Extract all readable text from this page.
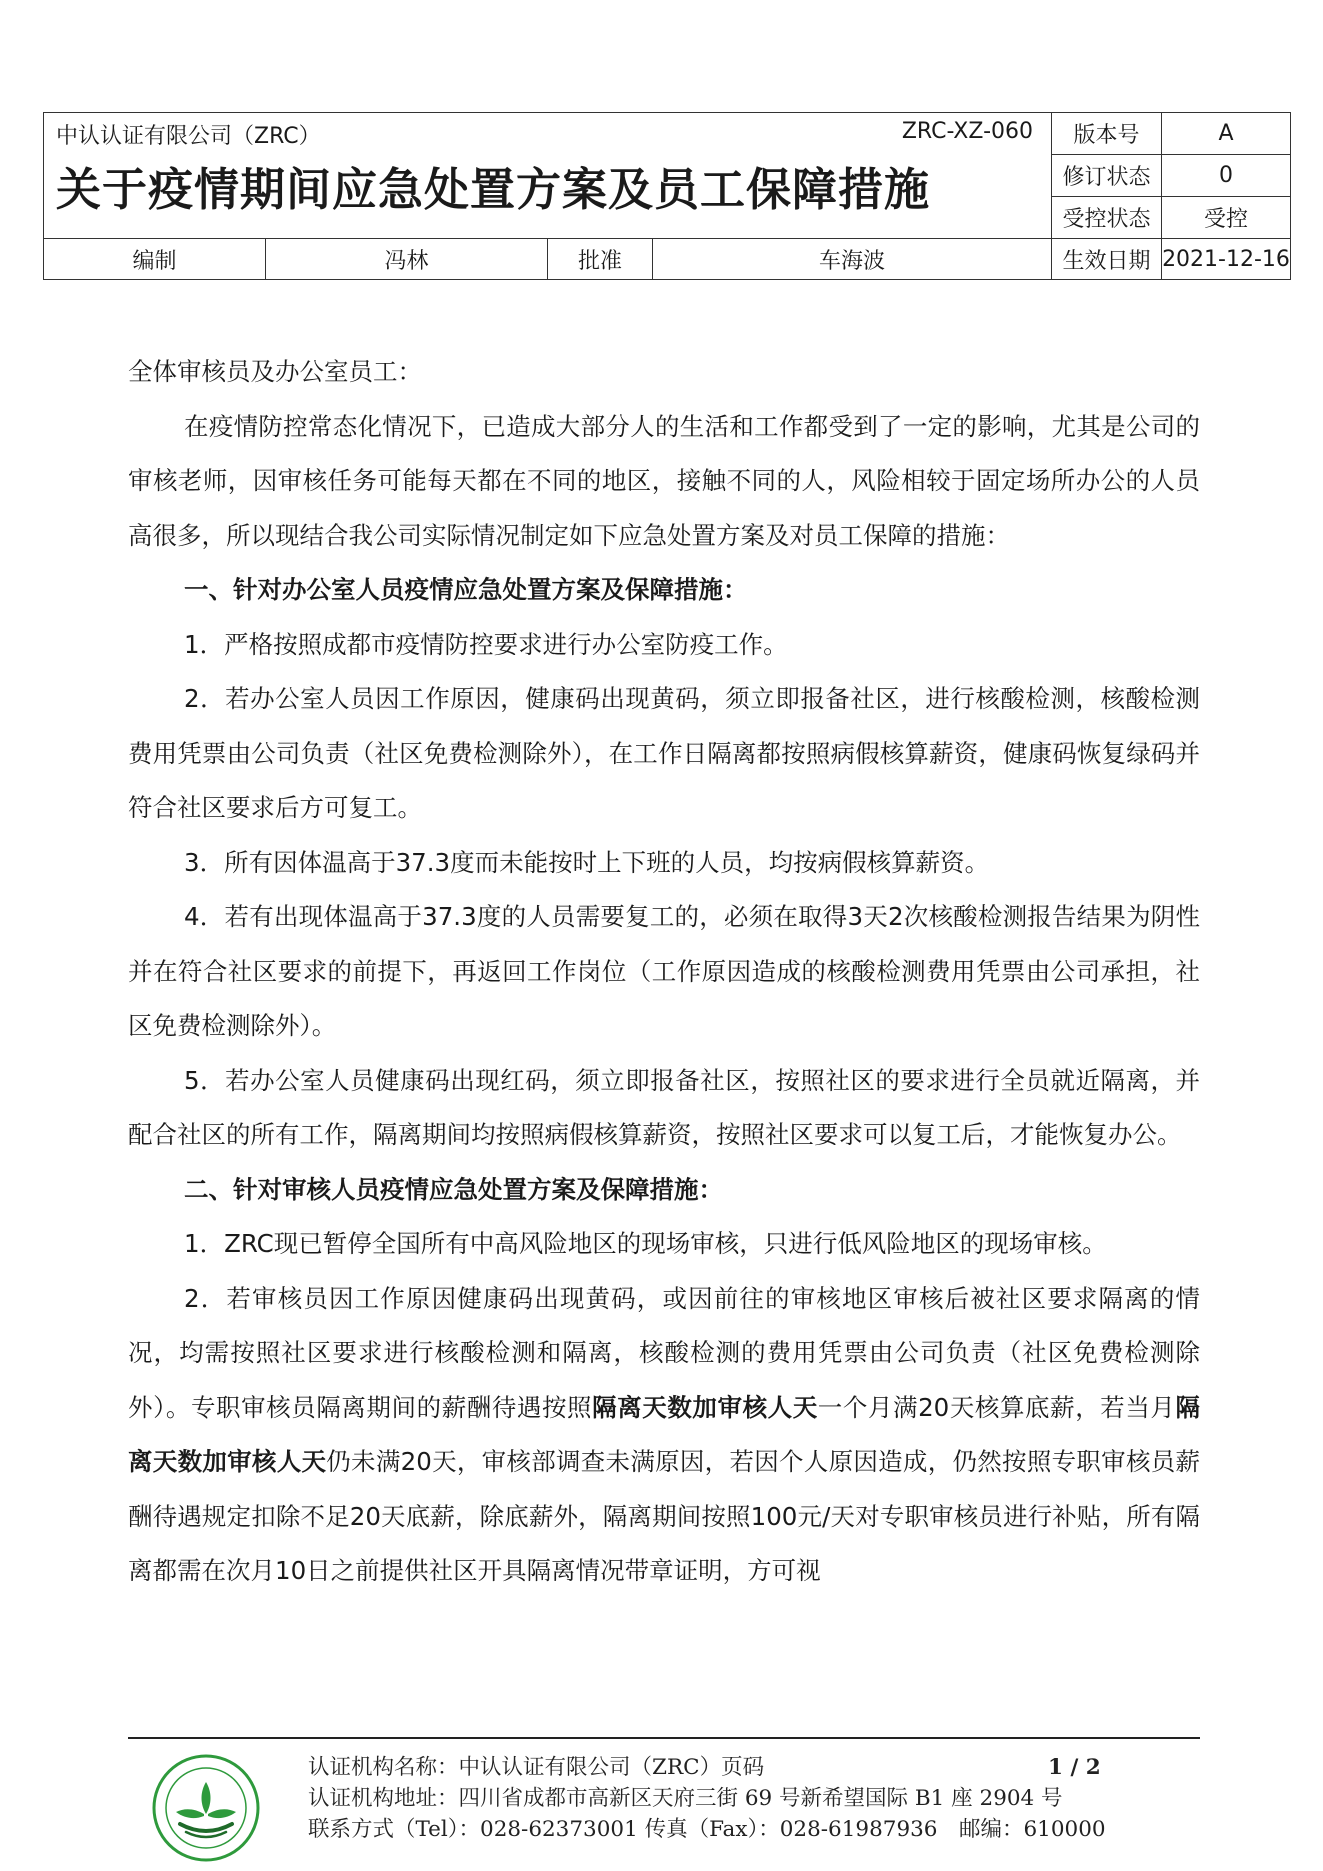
中认认证有限公司（ZRC） ZRC-XZ-060
关于疫情期间应急处置方案及员工保障措施				版本号	A
				修订状态	0
				受控状态	受控
编制	冯林	批准	车海波	生效日期	2021-12-16

全体审核员及办公室员工：

在疫情防控常态化情况下，已造成大部分人的生活和工作都受到了一定的影响，尤其是公司的审核老师，因审核任务可能每天都在不同的地区，接触不同的人，风险相较于固定场所办公的人员高很多，所以现结合我公司实际情况制定如下应急处置方案及对员工保障的措施：

一、针对办公室人员疫情应急处置方案及保障措施：

1．严格按照成都市疫情防控要求进行办公室防疫工作。

2．若办公室人员因工作原因，健康码出现黄码，须立即报备社区，进行核酸检测，核酸检测费用凭票由公司负责（社区免费检测除外），在工作日隔离都按照病假核算薪资，健康码恢复绿码并符合社区要求后方可复工。

3．所有因体温高于37.3度而未能按时上下班的人员，均按病假核算薪资。

4．若有出现体温高于37.3度的人员需要复工的，必须在取得3天2次核酸检测报告结果为阴性并在符合社区要求的前提下，再返回工作岗位（工作原因造成的核酸检测费用凭票由公司承担，社区免费检测除外）。

5．若办公室人员健康码出现红码，须立即报备社区，按照社区的要求进行全员就近隔离，并配合社区的所有工作，隔离期间均按照病假核算薪资，按照社区要求可以复工后，才能恢复办公。

二、针对审核人员疫情应急处置方案及保障措施：

1．ZRC现已暂停全国所有中高风险地区的现场审核，只进行低风险地区的现场审核。

2．若审核员因工作原因健康码出现黄码，或因前往的审核地区审核后被社区要求隔离的情况，均需按照社区要求进行核酸检测和隔离，核酸检测的费用凭票由公司负责（社区免费检测除外）。专职审核员隔离期间的薪酬待遇按照隔离天数加审核人天一个月满20天核算底薪，若当月隔离天数加审核人天仍未满20天，审核部调查未满原因，若因个人原因造成，仍然按照专职审核员薪酬待遇规定扣除不足20天底薪，除底薪外，隔离期间按照100元/天对专职审核员进行补贴，所有隔离都需在次月10日之前提供社区开具隔离情况带章证明，方可视

认证机构名称：中认认证有限公司（ZRC）页码	1 / 2
认证机构地址：四川省成都市高新区天府三街 69 号新希望国际 B1 座 2904 号
联系方式（Tel）：028-62373001 传真（Fax）：028-61987936　邮编：610000
